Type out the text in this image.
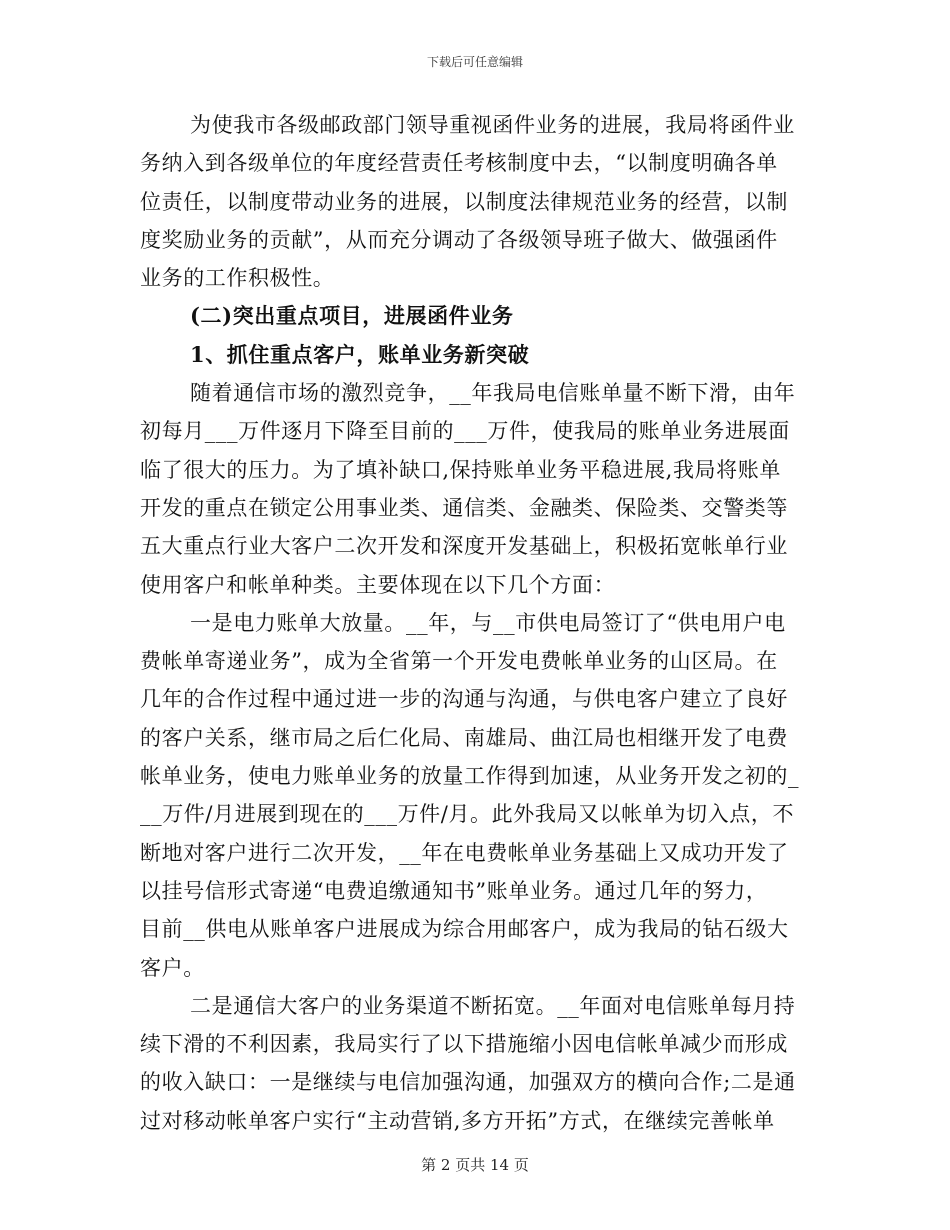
下载后可任意编辑
为使我市各级邮政部门领导重视函件业务的进展，我局将函件业
务纳入到各级单位的年度经营责任考核制度中去，“以制度明确各单
位责任，以制度带动业务的进展，以制度法律规范业务的经营，以制
度奖励业务的贡献”，从而充分调动了各级领导班子做大、做强函件
业务的工作积极性。
(二)突出重点项目，进展函件业务
1、抓住重点客户，账单业务新突破
随着通信市场的激烈竞争，__年我局电信账单量不断下滑，由年
初每月___万件逐月下降至目前的___万件，使我局的账单业务进展面
临了很大的压力。为了填补缺口,保持账单业务平稳进展,我局将账单
开发的重点在锁定公用事业类、通信类、金融类、保险类、交警类等
五大重点行业大客户二次开发和深度开发基础上，积极拓宽帐单行业
使用客户和帐单种类。主要体现在以下几个方面：
一是电力账单大放量。__年，与__市供电局签订了“供电用户电
费帐单寄递业务”，成为全省第一个开发电费帐单业务的山区局。在
几年的合作过程中通过进一步的沟通与沟通，与供电客户建立了良好
的客户关系，继市局之后仁化局、南雄局、曲江局也相继开发了电费
帐单业务，使电力账单业务的放量工作得到加速，从业务开发之初的_
__万件/月进展到现在的___万件/月。此外我局又以帐单为切入点，不
断地对客户进行二次开发，__年在电费帐单业务基础上又成功开发了
以挂号信形式寄递“电费追缴通知书”账单业务。通过几年的努力，
目前__供电从账单客户进展成为综合用邮客户，成为我局的钻石级大
客户。
二是通信大客户的业务渠道不断拓宽。__年面对电信账单每月持
续下滑的不利因素，我局实行了以下措施缩小因电信帐单减少而形成
的收入缺口：一是继续与电信加强沟通，加强双方的横向合作;二是通
过对移动帐单客户实行“主动营销,多方开拓”方式，在继续完善帐单
第 2 页共 14 页
